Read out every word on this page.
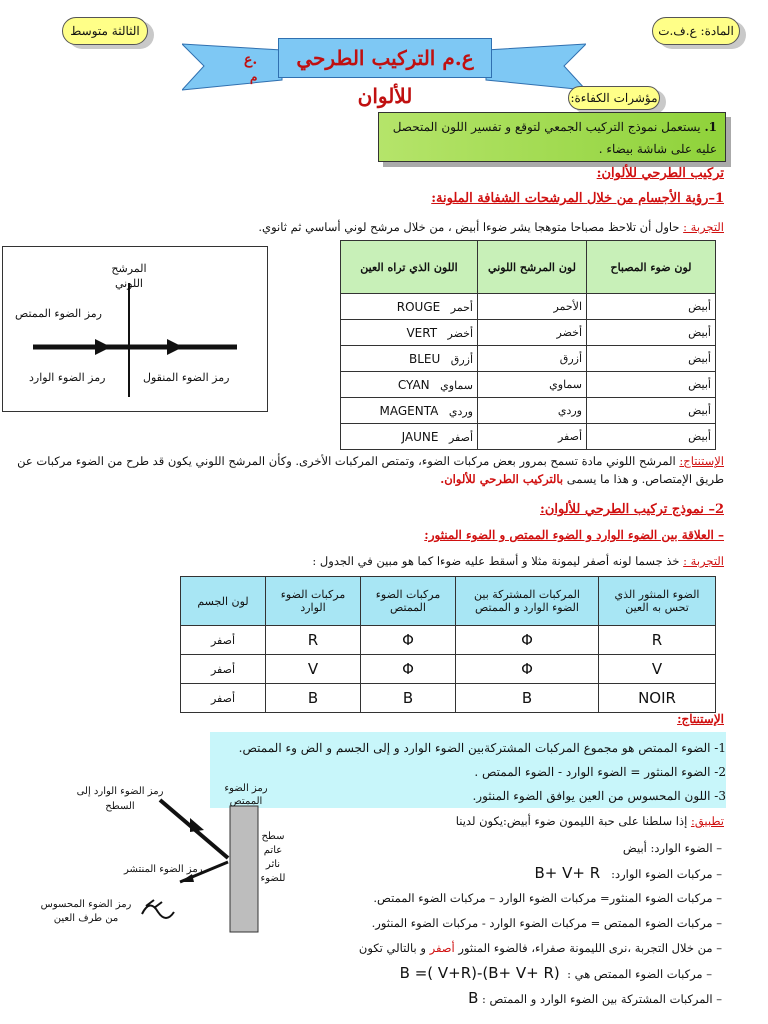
المادة: ع.ف.ت
الثالثة متوسط
ع.م التركيب الطرحي للألوان
ع.
م
مؤشرات الكفاءة:
1. يستعمل نموذج التركيب الجمعي لتوقع و تفسير اللون المتحصل عليه على شاشة بيضاء .
تركيب الطرحي للألوان:
1–رؤية الأجسام من خلال المرشحات الشفافة الملونة:
التجربة : حاول أن تلاحظ مصباحا متوهجا يشر ضوءا أبيض ، من خلال مرشح لوني أساسي ثم ثانوي.
لون ضوء المصباح	لون المرشح اللوني	اللون الذي تراه العين
أبيض	الأحمر	أحمر   ROUGE
أبيض	أخضر	أخضر   VERT
أبيض	أزرق	أزرق   BLEU
أبيض	سماوي	سماوي   CYAN
أبيض	وردي	وردي   MAGENTA
أبيض	أصفر	أصفر   JAUNE
المرشح اللوني
رمز الضوء الممتص
رمز الضوء الوارد	رمز الضوء المنقول
الإستنتاج: المرشح اللوني مادة تسمح بمرور بعض مركبات الضوء، وتمتص المركبات الأخرى. وكأن المرشح اللوني يكون قد طرح من الضوء مركبات عن طريق الإمتصاص. و هذا ما يسمى بالتركيب الطرحي للألوان.
2– نموذج تركيب الطرحي للألوان:
– العلاقة بين الضوء الوارد و الضوء الممتص و الضوء المنثور:
التجربة : خذ جسما لونه أصفر ليمونة مثلا و أسقط عليه ضوءا كما هو مبين في الجدول :
الضوء المنثور الذي تحس به العين	المركبات المشتركة بين الضوء الوارد و الممتص	مركبات الضوء الممتص	مركبات الضوء الوارد	لون الجسم
R	Φ	Φ	R	أصفر
V	Φ	Φ	V	أصفر
NOIR	B	B	B	أصفر
الإستنتاج:
1- الضوء الممتص هو مجموع المركبات المشتركةبين الضوء الوارد و إلى الجسم و الض وء الممتص.
2- الضوء المنثور = الضوء الوارد - الضوء الممتص .
3- اللون المحسوس من العين يوافق الضوء المنثور.
تطبيق: إذا سلطنا على حبة الليمون ضوء أبيض:يكون لدينا
– الضوء الوارد: أبيض
– مركبات الضوء الوارد:   B+ V+ R
– مركبات الضوء المنثور= مركبات الضوء الوارد – مركبات الضوء الممتص.
– مركبات الضوء الممتص = مركبات الضوء الوارد - مركبات الضوء المنثور.
– من خلال التجربة ،نرى الليمونة صفراء، فالضوء المنثور أصفر و بالتالي تكون
– مركبات الضوء الممتص هي :  B =( V+R)-(B+ V+ R)
– المركبات المشتركة بين الضوء الوارد و الممتص : B
رمز الضوء الممتص
رمز الضوء الوارد إلى السطح
رمز الضوء المنتشر
رمز الضوء المحسوس من طرف العين
سطح عاتم ناثر للضوء
